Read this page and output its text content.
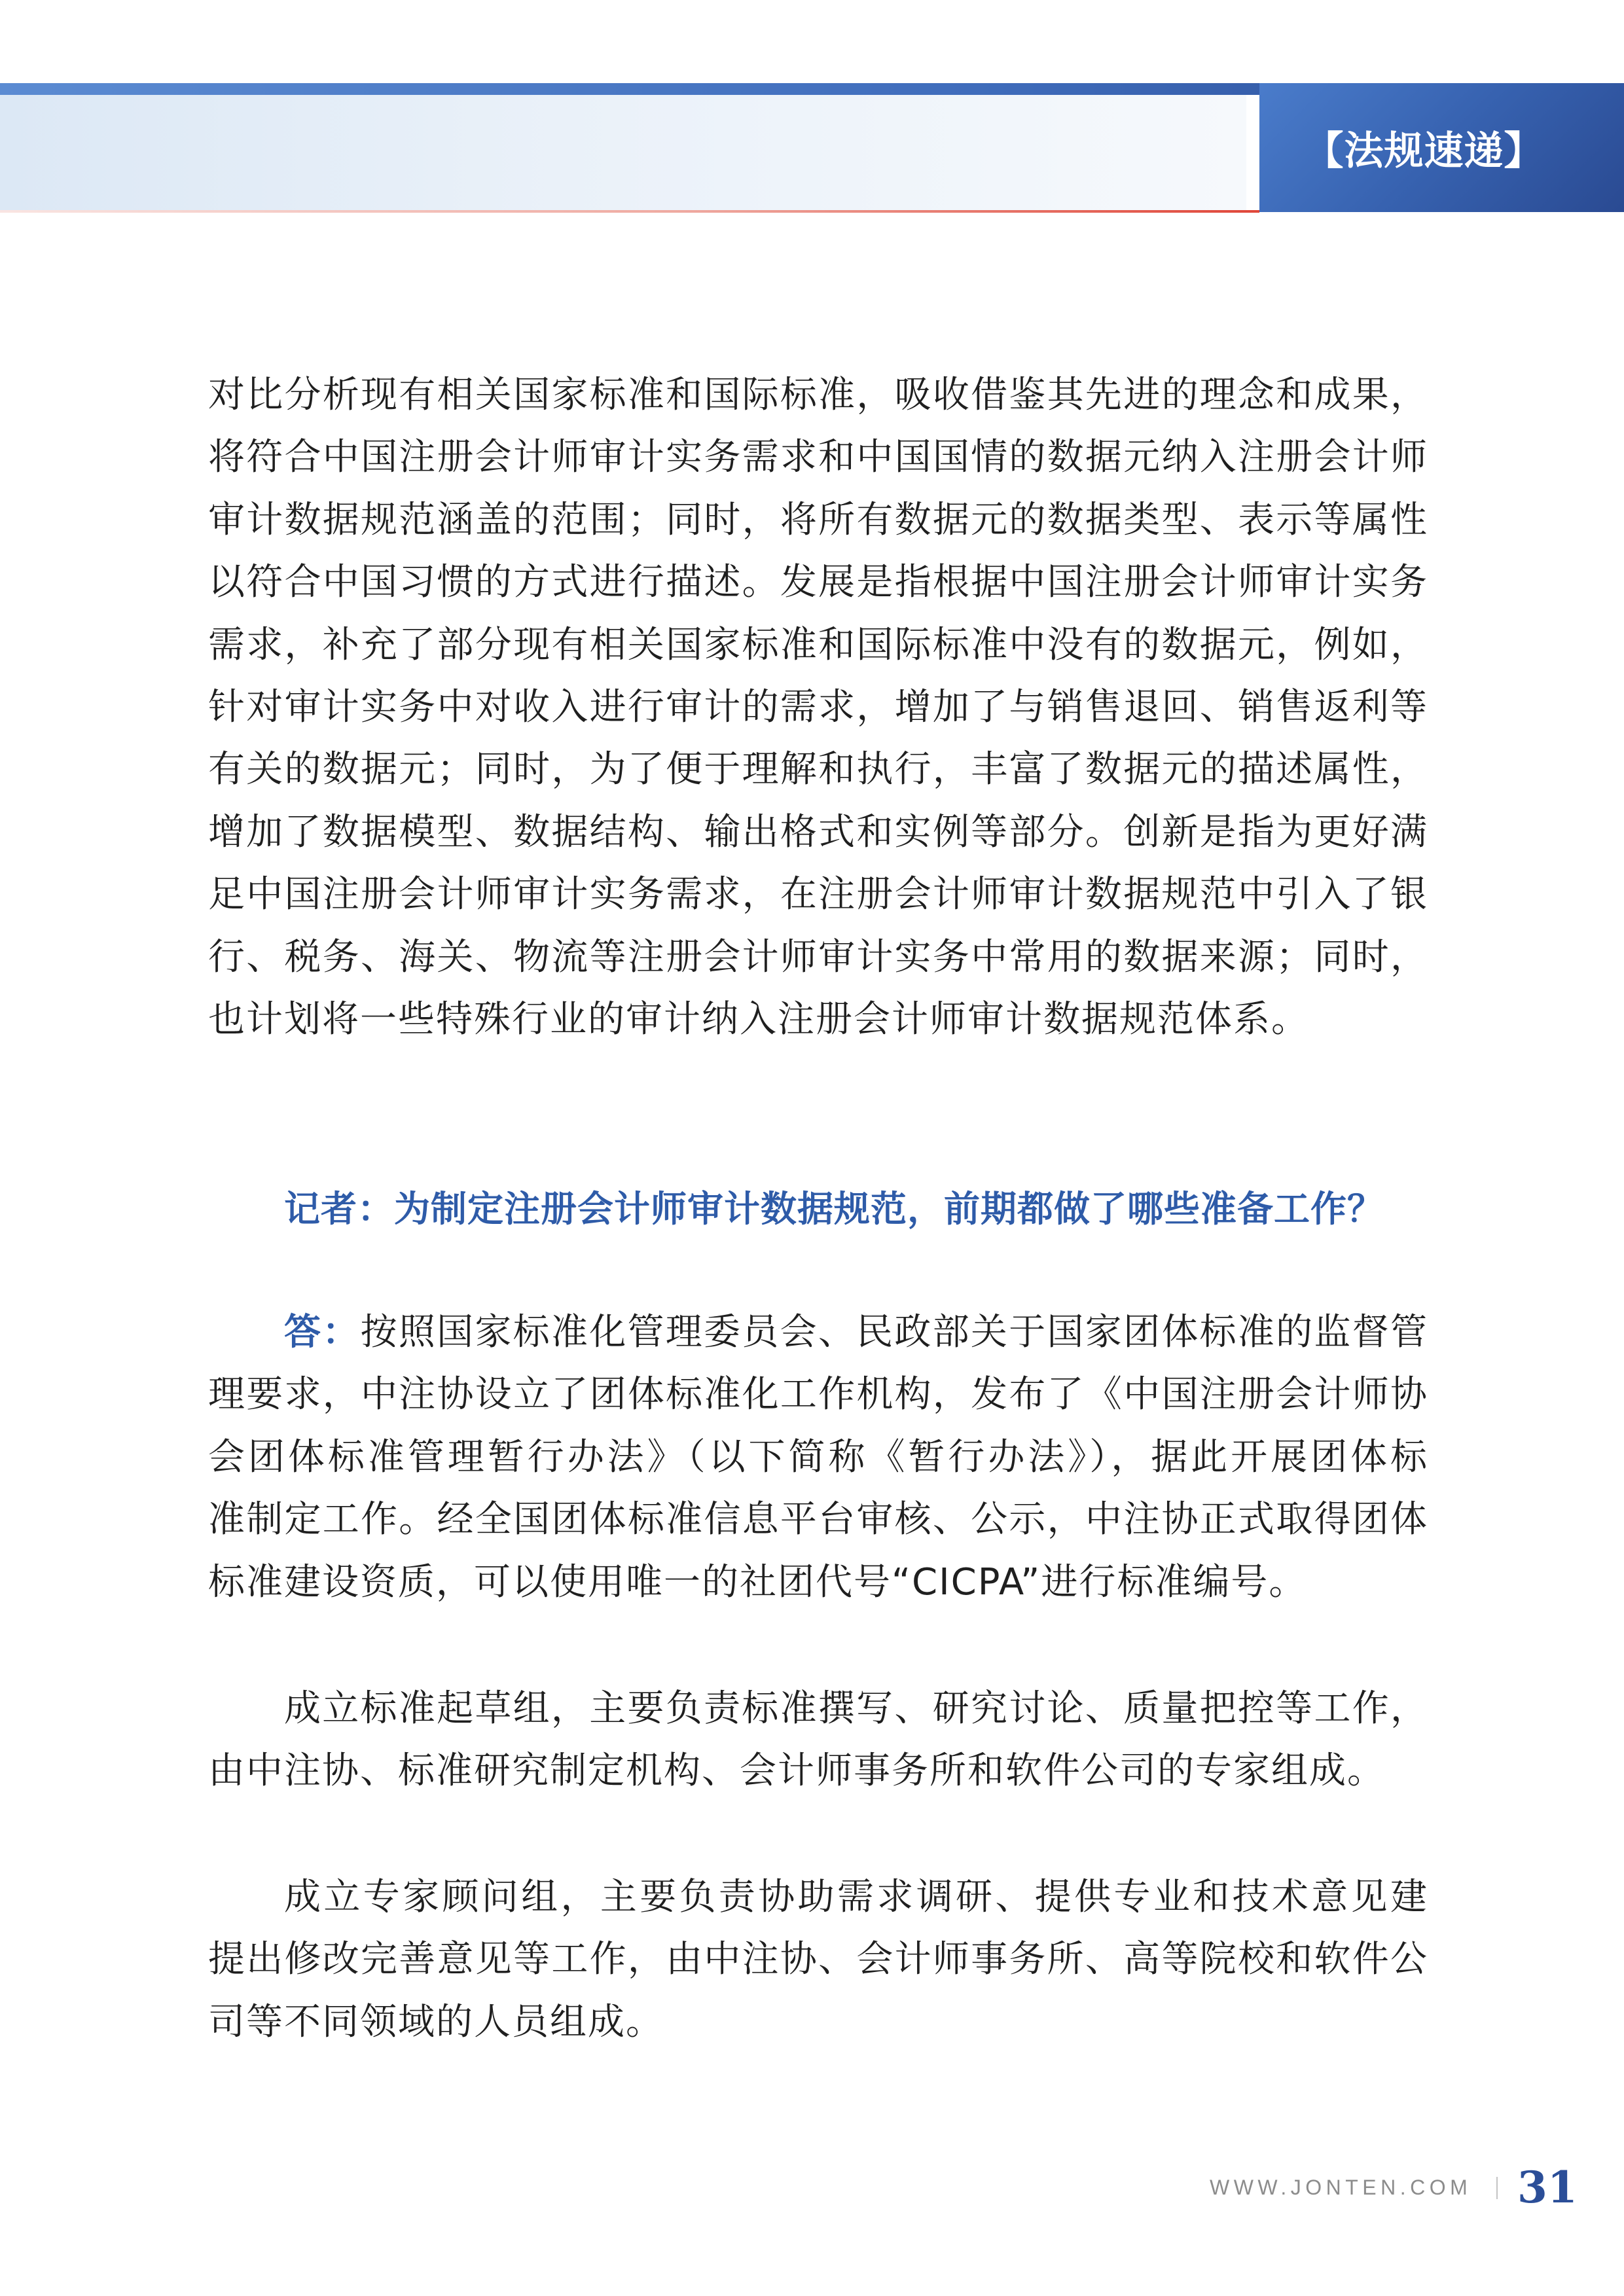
【法规速递】
对比分析现有相关国家标准和国际标准，吸收借鉴其先进的理念和成果，
将符合中国注册会计师审计实务需求和中国国情的数据元纳入注册会计师
审计数据规范涵盖的范围；同时，将所有数据元的数据类型、表示等属性
以符合中国习惯的方式进行描述。发展是指根据中国注册会计师审计实务
需求，补充了部分现有相关国家标准和国际标准中没有的数据元，例如，
针对审计实务中对收入进行审计的需求，增加了与销售退回、销售返利等
有关的数据元；同时，为了便于理解和执行，丰富了数据元的描述属性，
增加了数据模型、数据结构、输出格式和实例等部分。创新是指为更好满
足中国注册会计师审计实务需求，在注册会计师审计数据规范中引入了银
行、税务、海关、物流等注册会计师审计实务中常用的数据来源；同时，
也计划将一些特殊行业的审计纳入注册会计师审计数据规范体系。
记者：为制定注册会计师审计数据规范，前期都做了哪些准备工作？
答：按照国家标准化管理委员会、民政部关于国家团体标准的监督管
理要求，中注协设立了团体标准化工作机构，发布了《中国注册会计师协
会团体标准管理暂行办法》（以下简称《暂行办法》），据此开展团体标
准制定工作。经全国团体标准信息平台审核、公示，中注协正式取得团体
标准建设资质，可以使用唯一的社团代号“CICPA”进行标准编号。
成立标准起草组，主要负责标准撰写、研究讨论、质量把控等工作，
由中注协、标准研究制定机构、会计师事务所和软件公司的专家组成。
成立专家顾问组，主要负责协助需求调研、提供专业和技术意见建
提出修改完善意见等工作，由中注协、会计师事务所、高等院校和软件公
司等不同领域的人员组成。
WWW.JONTEN.COM 31
